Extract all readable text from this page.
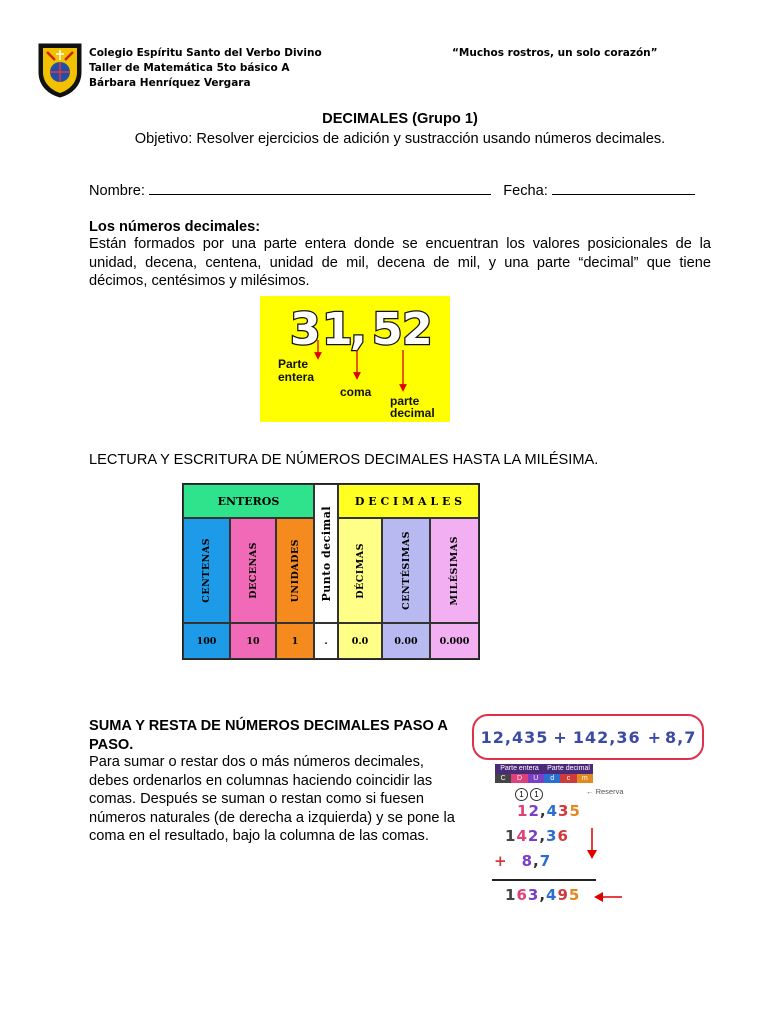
Colegio Espíritu Santo del Verbo Divino
Taller de Matemática 5to básico A
Bárbara Henríquez Vergara
“Muchos rostros, un solo corazón”
DECIMALES (Grupo 1)
Objetivo: Resolver ejercicios de adición y sustracción usando números decimales.
Nombre:	Fecha:
Los números decimales:
Están formados por una parte entera donde se encuentran los valores posicionales de la unidad, decena, centena, unidad de mil, decena de mil, y una parte “decimal” que tiene décimos, centésimos y milésimos.
3 1
, 5 2
Parte
entera
coma
parte
decimal
LECTURA Y ESCRITURA DE NÚMEROS DECIMALES HASTA LA MILÉSIMA.
ENTEROS
Punto decimal
D E C I M A L E S
CENTENAS	DECENAS	UNIDADES	DÉCIMAS	CENTÉSIMAS	MILÉSIMAS
100	10	1	.	0.0	0.00	0.000
SUMA Y RESTA DE NÚMEROS DECIMALES PASO A PASO.
Para sumar o restar dos o más números decimales, debes ordenarlos en columnas haciendo coincidir las comas. Después se suman o restan como si fuesen números naturales (de derecha a izquierda) y se pone la coma en el resultado, bajo la columna de las comas.
1 2 , 4 3 5 + 1 4 2 , 3 6 + 8 , 7
Parte entera	Parte decimal
C	D	U	d	c	m
1	1	← Reserva
1 2 , 4 3 5
1 4 2 , 3 6
+ 8 , 7
1 6 3 , 4 9 5
